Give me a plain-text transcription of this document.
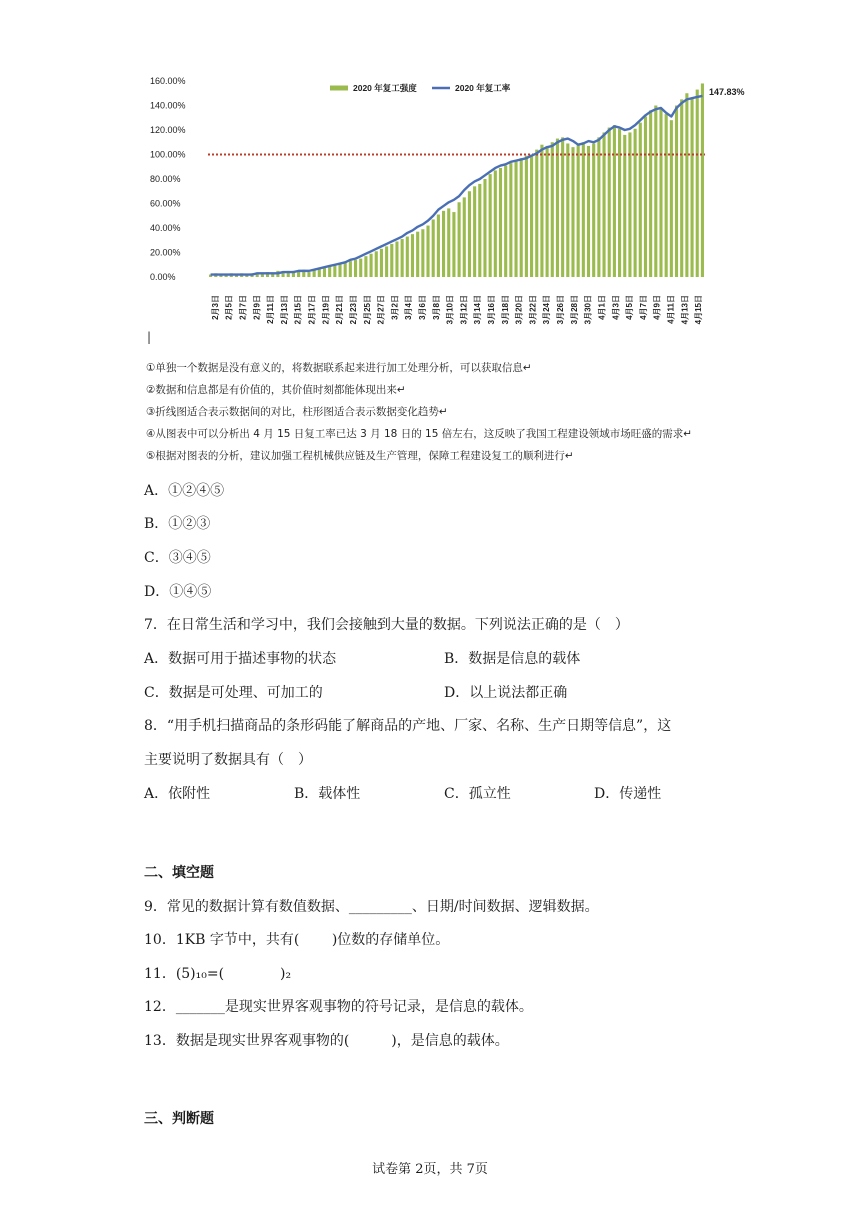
160.00%
140.00%
120.00%
100.00%
80.00%
60.00%
40.00%
20.00%
0.00%
147.83%
2020 年复工强度	2020 年复工率
2月3日 2月5日 2月7日 2月9日 2月11日 2月13日 2月15日 2月17日 2月19日 2月21日 2月23日 2月25日 2月27日 3月2日 3月4日 3月6日 3月8日 3月10日 3月12日 3月14日 3月16日 3月18日 3月20日 3月22日 3月24日 3月26日 3月28日 3月30日 4月1日 4月3日 4月5日 4月7日 4月9日 4月11日 4月13日 4月15日
|
①单独一个数据是没有意义的，将数据联系起来进行加工处理分析，可以获取信息↵
②数据和信息都是有价值的，其价值时刻都能体现出来↵
③折线图适合表示数据间的对比，柱形图适合表示数据变化趋势↵
④从图表中可以分析出 4 月 15 日复工率已达 3 月 18 日的 15 倍左右，这反映了我国工程建设领域市场旺盛的需求↵
⑤根据对图表的分析，建议加强工程机械供应链及生产管理，保障工程建设复工的顺利进行↵
A．①②④⑤
B．①②③
C．③④⑤
D．①④⑤
7．在日常生活和学习中，我们会接触到大量的数据。下列说法正确的是（　）
A．数据可用于描述事物的状态	B．数据是信息的载体
C．数据是可处理、可加工的	D．以上说法都正确
8．“用手机扫描商品的条形码能了解商品的产地、厂家、名称、生产日期等信息”，这
主要说明了数据具有（　）
A．依附性	B．载体性	C．孤立性	D．传递性
二、填空题
9．常见的数据计算有数值数据、_________、日期/时间数据、逻辑数据。
10．1KB 字节中，共有(　　 )位数的存储单位。
11．(5)₁₀=(　　　　)₂
12．_______是现实世界客观事物的符号记录，是信息的载体。
13．数据是现实世界客观事物的(　　　)，是信息的载体。
三、判断题
试卷第 2页，共 7页
